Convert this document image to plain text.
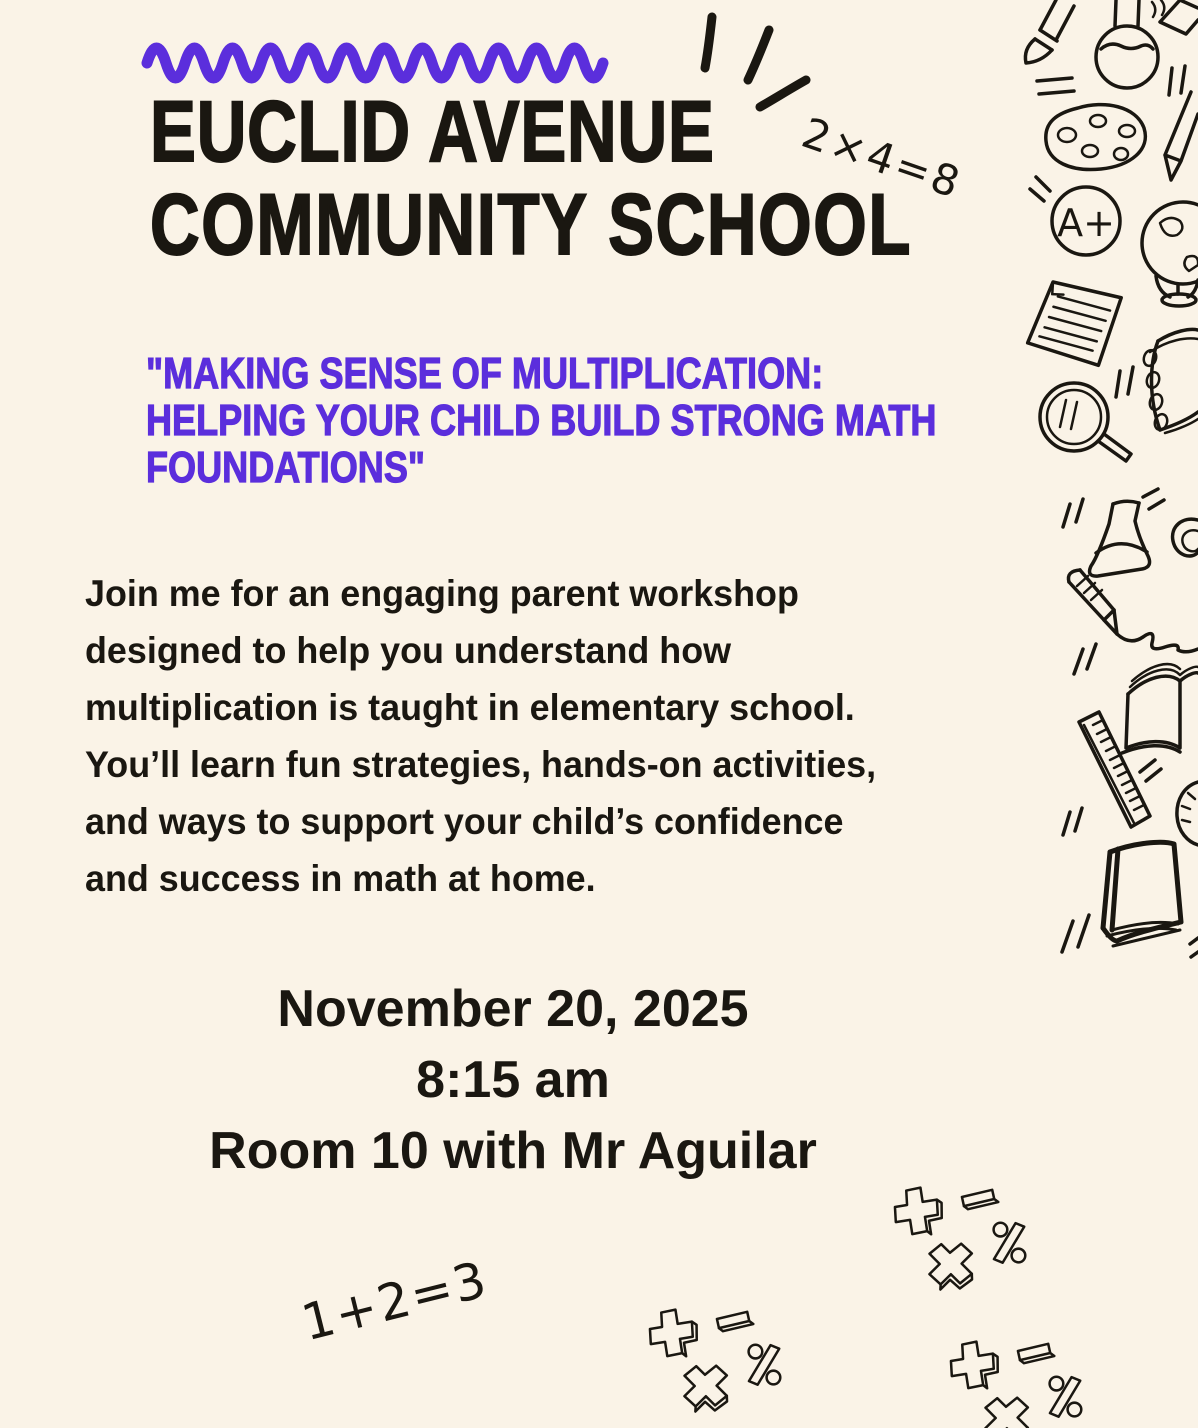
A+
EUCLID AVENUE
COMMUNITY SCHOOL
2×4=8
"MAKING SENSE OF MULTIPLICATION:
HELPING YOUR CHILD BUILD STRONG MATH
FOUNDATIONS"
Join me for an engaging parent workshop
designed to help you understand how
multiplication is taught in elementary school.
You’ll learn fun strategies, hands-on activities,
and ways to support your child’s confidence
and success in math at home.
November 20, 2025
8:15 am
Room 10 with Mr Aguilar
1+2=3
